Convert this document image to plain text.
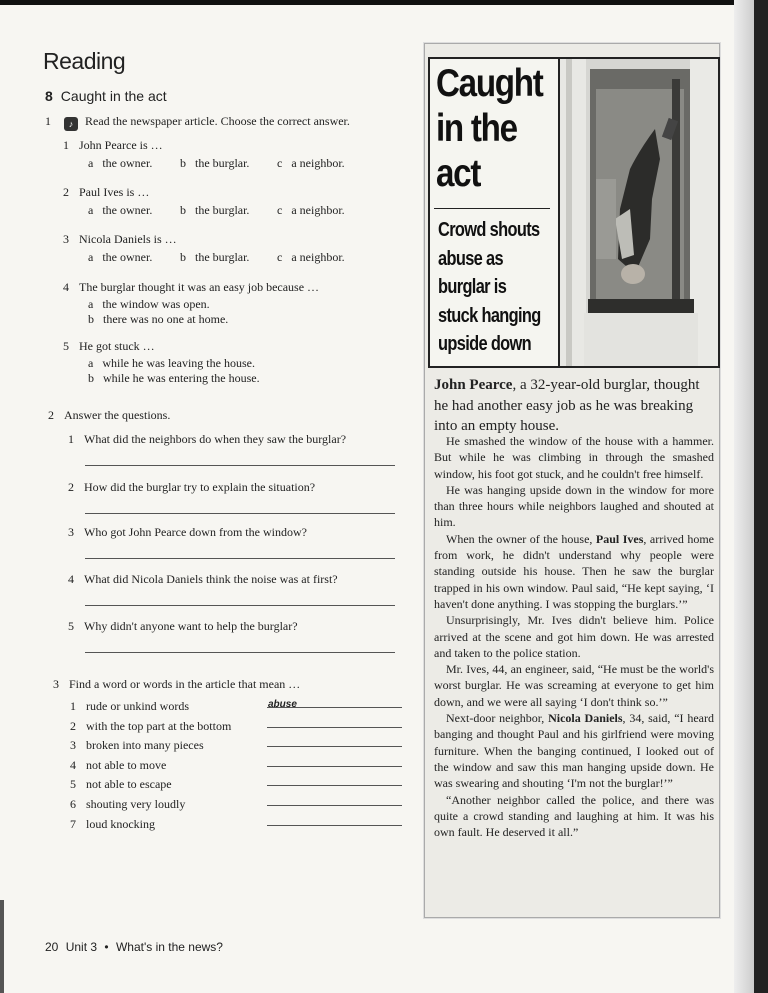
Reading
8 Caught in the act
1 ♪ Read the newspaper article. Choose the correct answer.
1 John Pearce is …
a the owner. b the burglar. c a neighbor.
2 Paul Ives is …
a the owner. b the burglar. c a neighbor.
3 Nicola Daniels is …
a the owner. b the burglar. c a neighbor.
4 The burglar thought it was an easy job because …
a the window was open.
b there was no one at home.
5 He got stuck …
a while he was leaving the house.
b while he was entering the house.
2 Answer the questions.
1 What did the neighbors do when they saw the burglar?
2 How did the burglar try to explain the situation?
3 Who got John Pearce down from the window?
4 What did Nicola Daniels think the noise was at first?
5 Why didn't anyone want to help the burglar?
3 Find a word or words in the article that mean …
abuse
1 rude or unkind words
2 with the top part at the bottom
3 broken into many pieces
4 not able to move
5 not able to escape
6 shouting very loudly
7 loud knocking
20 Unit 3 • What's in the news?
Caught
in the
act
Crowd shouts
abuse as
burglar is
stuck hanging
upside down
John Pearce, a 32-year-old burglar, thought he had another easy job as he was breaking into an empty house.

He smashed the window of the house with a hammer. But while he was climbing in through the smashed window, his foot got stuck, and he couldn't free himself.

He was hanging upside down in the window for more than three hours while neighbors laughed and shouted at him.

When the owner of the house, Paul Ives, arrived home from work, he didn't understand why people were standing outside his house. Then he saw the burglar trapped in his own window. Paul said, “He kept saying, ‘I haven't done anything. I was stopping the burglars.’”

Unsurprisingly, Mr. Ives didn't believe him. Police arrived at the scene and got him down. He was arrested and taken to the police station.

Mr. Ives, 44, an engineer, said, “He must be the world's worst burglar. He was screaming at everyone to get him down, and we were all saying ‘I don't think so.’”

Next-door neighbor, Nicola Daniels, 34, said, “I heard banging and thought Paul and his girlfriend were moving furniture. When the banging continued, I looked out of the window and saw this man hanging upside down. He was swearing and shouting ‘I'm not the burglar!’”

“Another neighbor called the police, and there was quite a crowd standing and laughing at him. It was his own fault. He deserved it all.”
